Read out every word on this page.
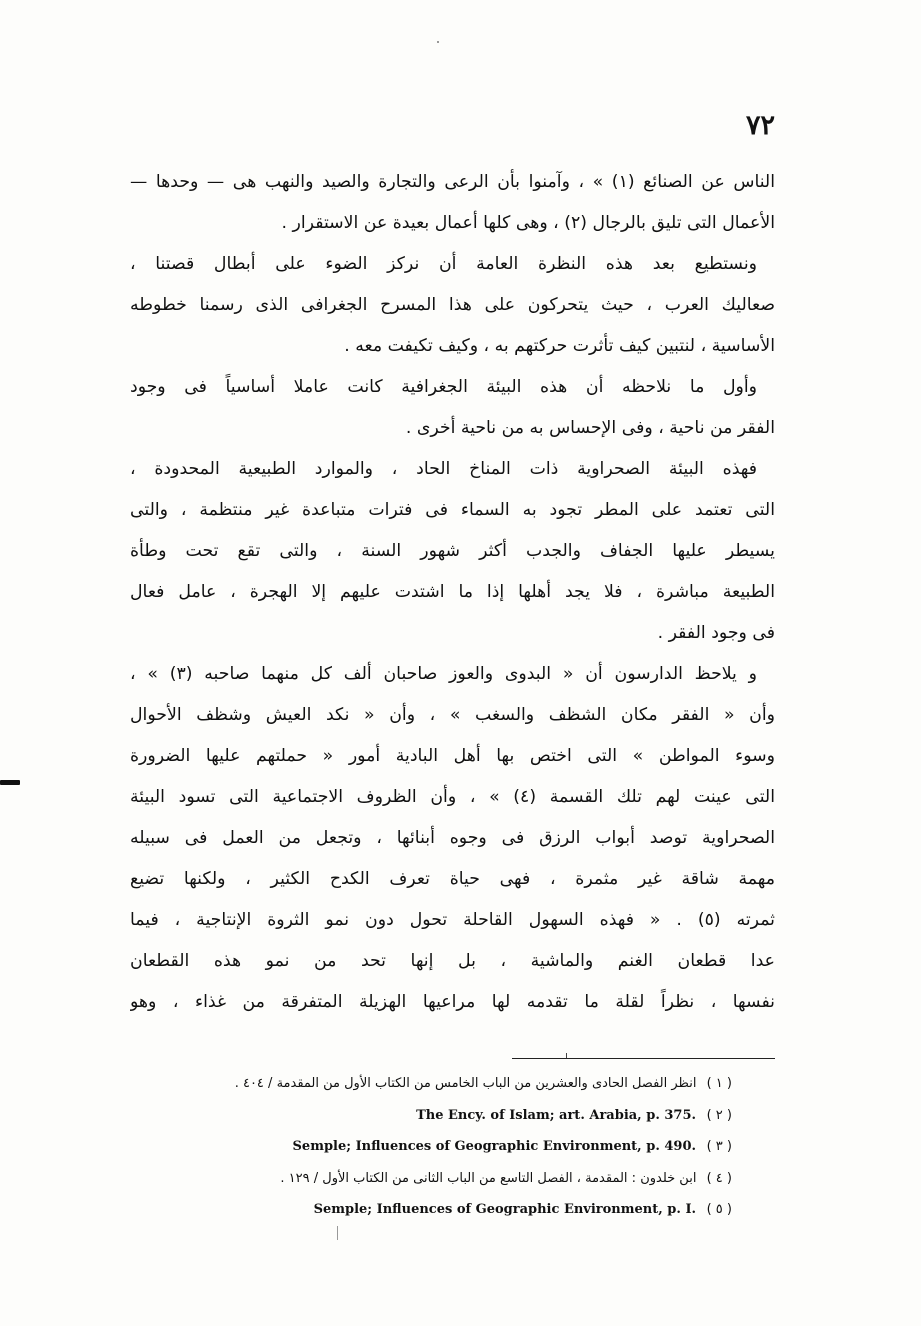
٧٢
الناس عن الصنائع (١) » ، وآمنوا بأن الرعى والتجارة والصيد والنهب هى — وحدها —
الأعمال التى تليق بالرجال (٢) ، وهى كلها أعمال بعيدة عن الاستقرار .
ونستطيع بعد هذه النظرة العامة أن نركز الضوء على أبطال قصتنا ،
صعاليك العرب ، حيث يتحركون على هذا المسرح الجغرافى الذى رسمنا خطوطه
الأساسية ، لنتبين كيف تأثرت حركتهم به ، وكيف تكيفت معه .
وأول ما نلاحظه أن هذه البيئة الجغرافية كانت عاملا أساسياً فى وجود
الفقر من ناحية ، وفى الإحساس به من ناحية أخرى .
فهذه البيئة الصحراوية ذات المناخ الحاد ، والموارد الطبيعية المحدودة ،
التى تعتمد على المطر تجود به السماء فى فترات متباعدة غير منتظمة ، والتى
يسيطر عليها الجفاف والجدب أكثر شهور السنة ، والتى تقع تحت وطأة
الطبيعة مباشرة ، فلا يجد أهلها إذا ما اشتدت عليهم إلا الهجرة ، عامل فعال
فى وجود الفقر .
و يلاحظ الدارسون أن « البدوى والعوز صاحبان ألف كل منهما صاحبه (٣) » ،
وأن « الفقر مكان الشظف والسغب » ، وأن « نكد العيش وشظف الأحوال
وسوء المواطن » التى اختص بها أهل البادية أمور « حملتهم عليها الضرورة
التى عينت لهم تلك القسمة (٤) » ، وأن الظروف الاجتماعية التى تسود البيئة
الصحراوية توصد أبواب الرزق فى وجوه أبنائها ، وتجعل من العمل فى سبيله
مهمة شاقة غير مثمرة ، فهى حياة تعرف الكدح الكثير ، ولكنها تضيع
ثمرته (٥) . « فهذه السهول القاحلة تحول دون نمو الثروة الإنتاجية ، فيما
عدا قطعان الغنم والماشية ، بل إنها تحد من نمو هذه القطعان
نفسها ، نظراً لقلة ما تقدمه لها مراعيها الهزيلة المتفرقة من غذاء ، وهو
( ١ ) انظر الفصل الحادى والعشرين من الباب الخامس من الكتاب الأول من المقدمة / ٤٠٤ .
( ٢ ) The Ency. of Islam; art. Arabia, p. 375.
( ٣ ) Semple; Influences of Geographic Environment, p. 490.
( ٤ ) ابن خلدون : المقدمة ، الفصل التاسع من الباب الثانى من الكتاب الأول / ١٢٩ .
( ٥ ) Semple; Influences of Geographic Environment, p. I.
